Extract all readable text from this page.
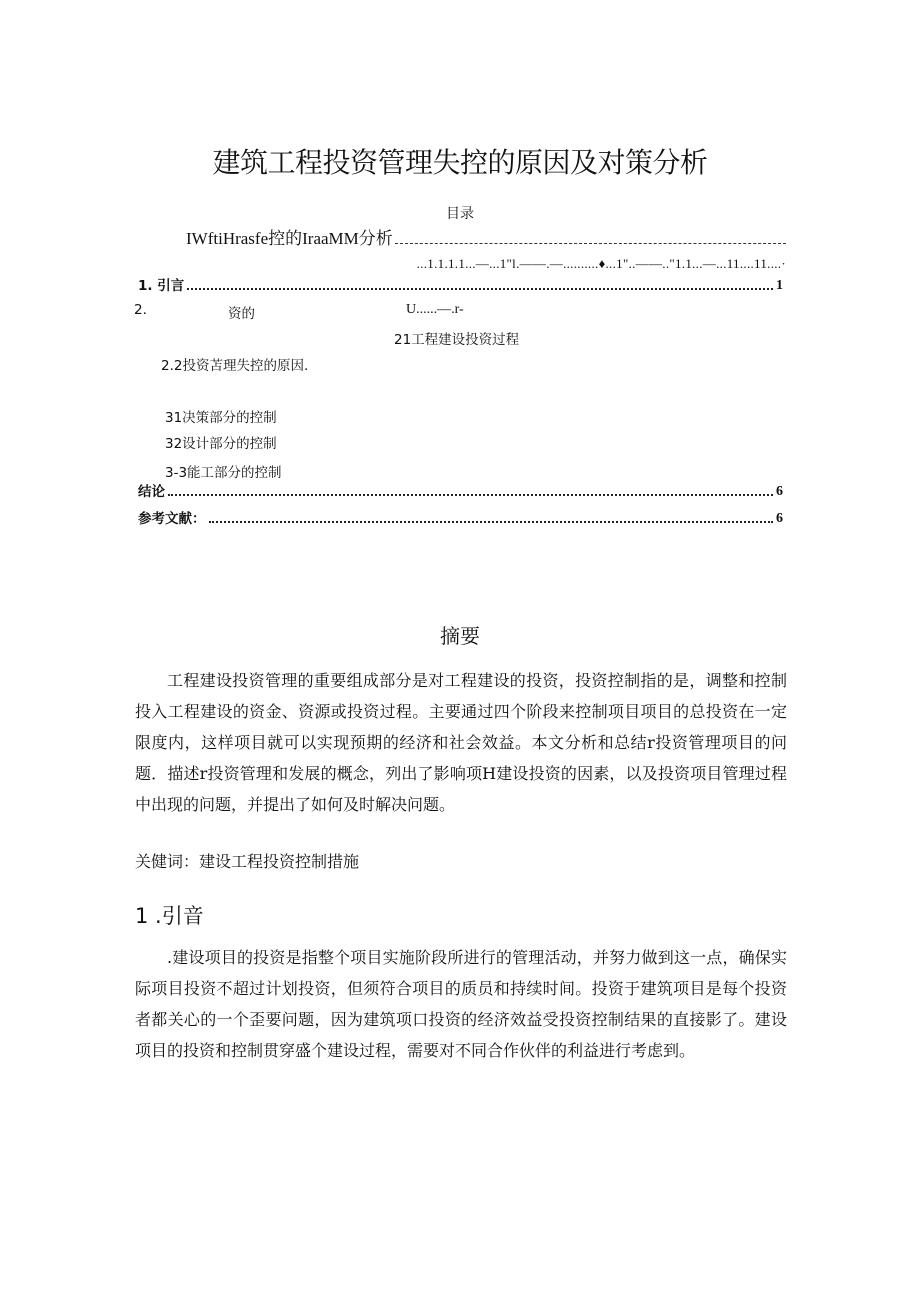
建筑工程投资管理失控的原因及对策分析
目录
IWftiHrasfe控的IraaMM分析
...1.1.1.1...—...1"l.——.—..........♦...1"..——.."1.1...—...11....11....·
1. 引言	1
2.	资的	U......—.r-
21工程建设投资过程
2.2投资苫理失控的原因.
31决策部分的控制
32设计部分的控制
3-3能工部分的控制
结论	6
参考文献：	6
摘要

工程建设投资管理的重要组成部分是对工程建设的投资，投资控制指的是，调整和控制投入工程建设的资金、资源或投资过程。主要通过四个阶段来控制项目项目的总投资在一定限度内，这样项目就可以实现预期的经济和社会效益。本文分析和总结r投资管理项目的问题．描述r投资管理和发展的概念，列出了影响项H建设投资的因素，以及投资项目管理过程中出现的问题，并提出了如何及时解决问题。

关健词：建设工程投资控制措施
1 .引音

.建设项目的投资是指整个项目实施阶段所进行的管理活动，并努力做到这一点，确保实际项目投资不超过计划投资，但须符合项目的质员和持续时间。投资于建筑项目是每个投资者都关心的一个歪要问题，因为建筑项口投资的经济效益受投资控制结果的直接影了。建设项目的投资和控制贯穿盛个建设过程，需要对不同合作伙伴的利益进行考虑到。
